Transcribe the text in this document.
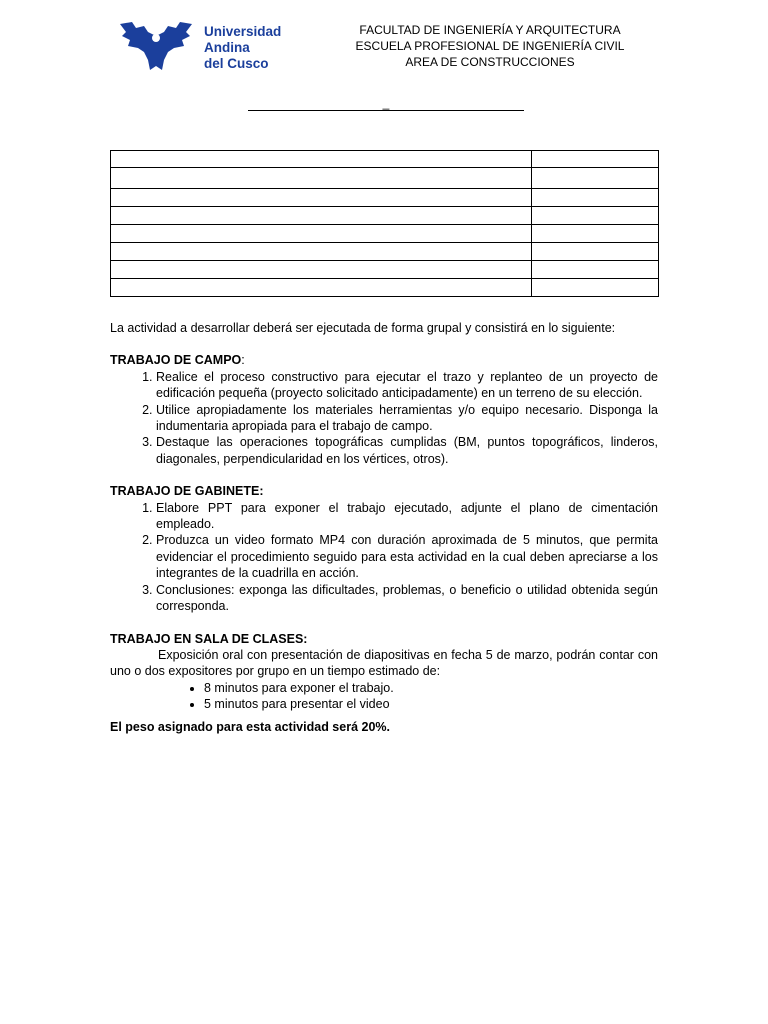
Universidad
Andina
del Cusco
FACULTAD DE INGENIERÍA Y ARQUITECTURA
ESCUELA PROFESIONAL DE INGENIERÍA CIVIL
AREA DE CONSTRUCCIONES
_

La actividad a desarrollar deberá ser ejecutada de forma grupal y consistirá en lo siguiente:

TRABAJO DE CAMPO:

1. Realice el proceso constructivo para ejecutar el trazo y replanteo de un proyecto de edificación pequeña (proyecto solicitado anticipadamente) en un terreno de su elección.
2. Utilice apropiadamente los materiales herramientas y/o equipo necesario. Disponga la indumentaria apropiada para el trabajo de campo.
3. Destaque las operaciones topográficas cumplidas (BM, puntos topográficos, linderos, diagonales, perpendicularidad en los vértices, otros).

TRABAJO DE GABINETE:

1. Elabore PPT para exponer el trabajo ejecutado, adjunte el plano de cimentación empleado.
2. Produzca un video formato MP4 con duración aproximada de 5 minutos, que permita evidenciar el procedimiento seguido para esta actividad en la cual deben apreciarse a los integrantes de la cuadrilla en acción.
3. Conclusiones: exponga las dificultades, problemas, o beneficio o utilidad obtenida según corresponda.

TRABAJO EN SALA DE CLASES:

Exposición oral con presentación de diapositivas en fecha 5 de marzo, podrán contar con uno o dos expositores por grupo en un tiempo estimado de:

• 8 minutos para exponer el trabajo.
• 5 minutos para presentar el video

El peso asignado para esta actividad será 20%.
